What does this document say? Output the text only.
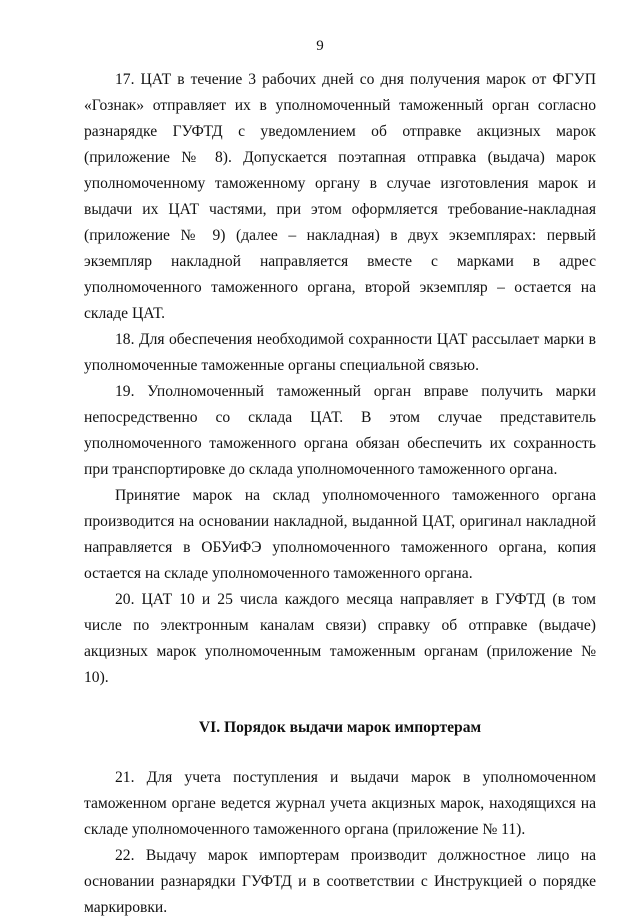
9

17. ЦАТ в течение 3 рабочих дней со дня получения марок от ФГУП «Гознак» отправляет их в уполномоченный таможенный орган согласно разнарядке ГУФТД с уведомлением об отправке акцизных марок (приложение № 8). Допускается поэтапная отправка (выдача) марок уполномоченному таможенному органу в случае изготовления марок и выдачи их ЦАТ частями, при этом оформляется требование-накладная (приложение № 9) (далее – накладная) в двух экземплярах: первый экземпляр накладной направляется вместе с марками в адрес уполномоченного таможенного органа, второй экземпляр – остается на складе ЦАТ.

18. Для обеспечения необходимой сохранности ЦАТ рассылает марки в уполномоченные таможенные органы специальной связью.

19. Уполномоченный таможенный орган вправе получить марки непосредственно со склада ЦАТ. В этом случае представитель уполномоченного таможенного органа обязан обеспечить их сохранность при транспортировке до склада уполномоченного таможенного органа.

Принятие марок на склад уполномоченного таможенного органа производится на основании накладной, выданной ЦАТ, оригинал накладной направляется в ОБУиФЭ уполномоченного таможенного органа, копия остается на складе уполномоченного таможенного органа.

20. ЦАТ 10 и 25 числа каждого месяца направляет в ГУФТД (в том числе по электронным каналам связи) справку об отправке (выдаче) акцизных марок уполномоченным таможенным органам (приложение № 10).

VI. Порядок выдачи марок импортерам

21. Для учета поступления и выдачи марок в уполномоченном таможенном органе ведется журнал учета акцизных марок, находящихся на складе уполномоченного таможенного органа (приложение № 11).

22. Выдачу марок импортерам производит должностное лицо на основании разнарядки ГУФТД и в соответствии с Инструкцией о порядке маркировки.
